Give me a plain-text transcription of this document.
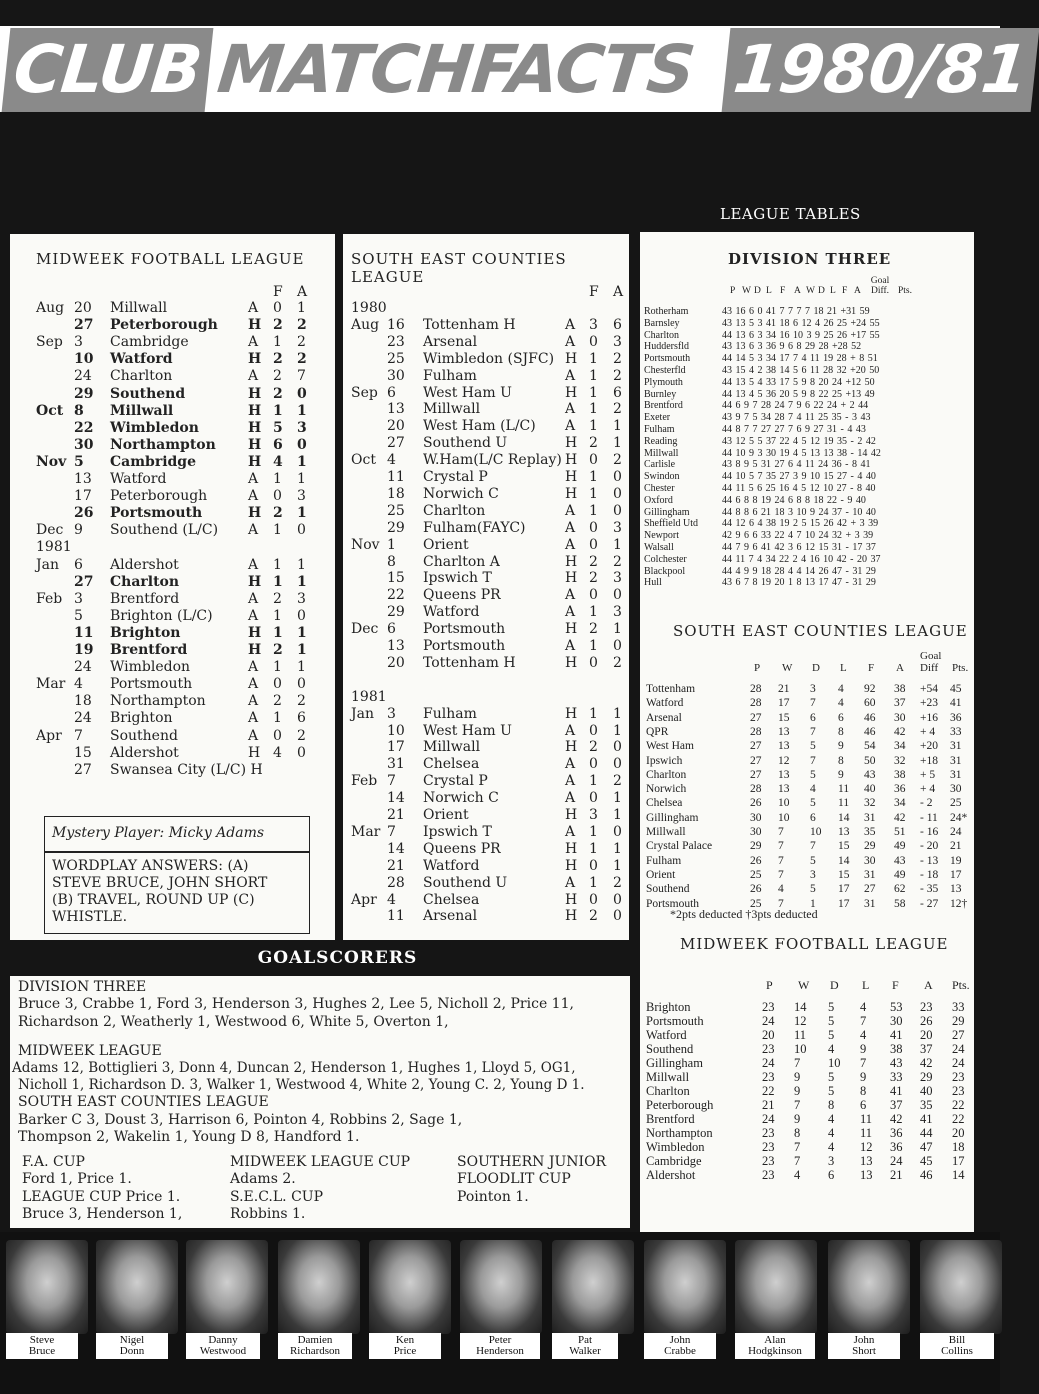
CLUB MATCHFACTS 1980/81
LEAGUE TABLES
MIDWEEK FOOTBALL LEAGUE
F A
Aug 20 Millwall	A 0 1
27 Peterborough H 2 2
Sep 3 Cambridge	A 1 2
10 Watford	H 2 2
24 Charlton	A 2 7
29 Southend	H 2 0
Oct 8 Millwall	H 1 1
22 Wimbledon	H 5 3
30 Northampton H 6 0
Nov 5 Cambridge	H 4 1
13 Watford	A 1 1
17 Peterborough	A 0 3
26 Portsmouth	H 2 1
Dec 9 Southend (L/C) A 1 0
1981
Jan 6 Aldershot	A 1 1
27 Charlton	H 1 1
Feb 3 Brentford	A 2 3
5 Brighton (L/C)	A 1 0
11 Brighton	H 1 1
19 Brentford	H 2 1
24 Wimbledon	A 1 1
Mar 4 Portsmouth	A 0 0
18 Northampton	A 2 2
24 Brighton	A 1 6
Apr 7 Southend	A 0 2
15 Aldershot	H 4 0
27 Swansea City (L/C) H
Mystery Player: Micky Adams
WORDPLAY ANSWERS: (A)
STEVE BRUCE, JOHN SHORT
(B) TRAVEL, ROUND UP (C)
WHISTLE.
SOUTH EAST COUNTIES LEAGUE
F A
1980
Aug 16 Tottenham H	A 3 6
23 Arsenal	A 0 3
25 Wimbledon (SJFC) H 1 2
30 Fulham	A 1 2
Sep 6 West Ham U	H 1 6
13 Millwall	A 1 2
20 West Ham (L/C) A 1 1
27 Southend U	H 2 1
Oct 4 W.Ham(L/C Replay) H 0 2
11 Crystal P	H 1 0
18 Norwich C	H 1 0
25 Charlton	A 1 0
29 Fulham(FAYC)	A 0 3
Nov 1 Orient	A 0 1
8 Charlton A	H 2 2
15 Ipswich T	H 2 3
22 Queens PR	A 0 0
29 Watford	A 1 3
Dec 6 Portsmouth	H 2 1
13 Portsmouth	A 1 0
20 Tottenham H	H 0 2
1981
Jan 3 Fulham	H 1 1
10 West Ham U	A 0 1
17 Millwall	H 2 0
31 Chelsea	A 0 0
Feb 7 Crystal P	A 1 2
14 Norwich C	A 0 1
21 Orient	H 3 1
Mar 7 Ipswich T	A 1 0
14 Queens PR	H 1 1
21 Watford	H 0 1
28 Southend U	A 1 2
Apr 4 Chelsea	H 0 0
11 Arsenal	H 2 0
DIVISION THREE
P W D L F A W D L F A
Goal Diff. Pts.
Rotherham	43 16 6 0 41 7 7 7 7 18 21 +31 59
Barnsley	43 13 5 3 41 18 6 12 4 26 25 +24 55
Charlton	44 13 6 3 34 16 10 3 9 25 26 +17 55
Huddersfld	43 13 6 3 36 9 6 8 29 28 +28 52
Portsmouth	44 14 5 3 34 17 7 4 11 19 28 + 8 51
Chesterfld	43 15 4 2 38 14 5 6 11 28 32 +20 50
Plymouth	44 13 5 4 33 17 5 9 8 20 24 +12 50
Burnley	44 13 4 5 36 20 5 9 8 22 25 +13 49
Brentford	44 6 9 7 28 24 7 9 6 22 24 + 2 44
Exeter	43 9 7 5 34 28 7 4 11 25 35 - 3 43
Fulham	44 8 7 7 27 27 7 6 9 27 31 - 4 43
Reading	43 12 5 5 37 22 4 5 12 19 35 - 2 42
Millwall	44 10 9 3 30 19 4 5 13 13 38 - 14 42
Carlisle	43 8 9 5 31 27 6 4 11 24 36 - 8 41
Swindon	44 10 5 7 35 27 3 9 10 15 27 - 4 40
Chester	44 11 5 6 25 16 4 5 12 10 27 - 8 40
Oxford	44 6 8 8 19 24 6 8 8 18 22 - 9 40
Gillingham	44 8 8 6 21 18 3 10 9 24 37 - 10 40
Sheffield Utd 44 12 6 4 38 19 2 5 15 26 42 + 3 39
Newport	42 9 6 6 33 22 4 7 10 24 32 + 3 39
Walsall	44 7 9 6 41 42 3 6 12 15 31 - 17 37
Colchester	44 11 7 4 34 22 2 4 16 10 42 - 20 37
Blackpool	44 4 9 9 18 28 4 4 14 26 47 - 31 29
Hull	43 6 7 8 19 20 1 8 13 17 47 - 31 29
SOUTH EAST COUNTIES LEAGUE
P W D L F A
Goal Diff	Pts.
Tottenham	28 21 3 4 92 38 +54 45
Watford	28 17 7 4 60 37 +23 41
Arsenal	27 15 6 6 46 30 +16 36
QPR	28 13 7 8 46 42 + 4 33
West Ham	27 13 5 9 54 34 +20 31
Ipswich	27 12 7 8 50 32 +18 31
Charlton	27 13 5 9 43 38 + 5 31
Norwich	28 13 4 11 40 36 + 4 30
Chelsea	26 10 5 11 32 34 - 2 25
Gillingham	30 10 6 14 31 42 - 11 24*
Millwall	30 7 10 13 35 51 - 16 24
Crystal Palace	29 7 7 15 29 49 - 20 21
Fulham	26 7 5 14 30 43 - 13 19
Orient	25 7 3 15 31 49 - 18 17
Southend	26 4 5 17 27 62 - 35 13
Portsmouth	25 7 1 17 31 58 - 27 12†
*2pts deducted †3pts deducted
MIDWEEK FOOTBALL LEAGUE
P W D L F A Pts.
Brighton	23 14 5 4 53 23 33
Portsmouth	24 12 5 7 30 26 29
Watford	20 11 5 4 41 20 27
Southend	23 10 4 9 38 37 24
Gillingham	24 7 10 7 43 42 24
Millwall	23 9 5 9 33 29 23
Charlton	22 9 5 8 41 40 23
Peterborough	21 7 8 6 37 35 22
Brentford	24 9 4 11 42 41 22
Northampton	23 8 4 11 36 44 20
Wimbledon	23 7 4 12 36 47 18
Cambridge	23 7 3 13 24 45 17
Aldershot	23 4 6 13 21 46 14
GOALSCORERS

DIVISION THREE

Bruce 3, Crabbe 1, Ford 3, Henderson 3, Hughes 2, Lee 5, Nicholl 2, Price 11,

Richardson 2, Weatherly 1, Westwood 6, White 5, Overton 1,

MIDWEEK LEAGUE

Adams 12, Bottiglieri 3, Donn 4, Duncan 2, Henderson 1, Hughes 1, Lloyd 5, OG1,

Nicholl 1, Richardson D. 3, Walker 1, Westwood 4, White 2, Young C. 2, Young D 1.

SOUTH EAST COUNTIES LEAGUE

Barker C 3, Doust 3, Harrison 6, Pointon 4, Robbins 2, Sage 1,

Thompson 2, Wakelin 1, Young D 8, Handford 1.

F.A. CUP

Ford 1, Price 1.

LEAGUE CUP Price 1.

Bruce 3, Henderson 1,

MIDWEEK LEAGUE CUP

Adams 2.

S.E.C.L. CUP

Robbins 1.

SOUTHERN JUNIOR

FLOODLIT CUP

Pointon 1.

Steve
Bruce
Nigel
Donn
Danny
Westwood
Damien
Richardson
Ken
Price
Peter
Henderson
Pat
Walker
John
Crabbe
Alan
Hodgkinson
John
Short
Bill
Collins
